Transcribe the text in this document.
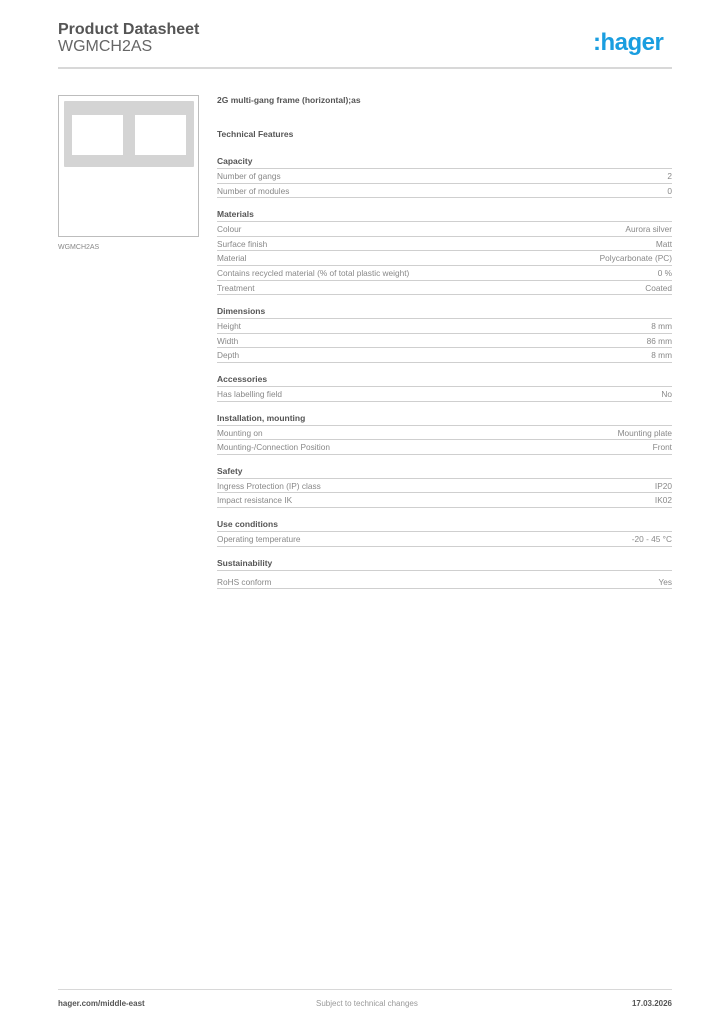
Product Datasheet
WGMCH2AS	:hager
WGMCH2AS
2G multi-gang frame (horizontal);as
Technical Features
Capacity
Number of gangs	2
Number of modules	0
Materials
Colour	Aurora silver
Surface finish	Matt
Material	Polycarbonate (PC)
Contains recycled material (% of total plastic weight)	0 %
Treatment	Coated
Dimensions
Height	8 mm
Width	86 mm
Depth	8 mm
Accessories
Has labelling field	No
Installation, mounting
Mounting on	Mounting plate
Mounting-/Connection Position	Front
Safety
Ingress Protection (IP) class	IP20
Impact resistance IK	IK02
Use conditions
Operating temperature	-20 - 45 °C
Sustainability
RoHS conform	Yes
hager.com/middle-east	Subject to technical changes	17.03.2026
